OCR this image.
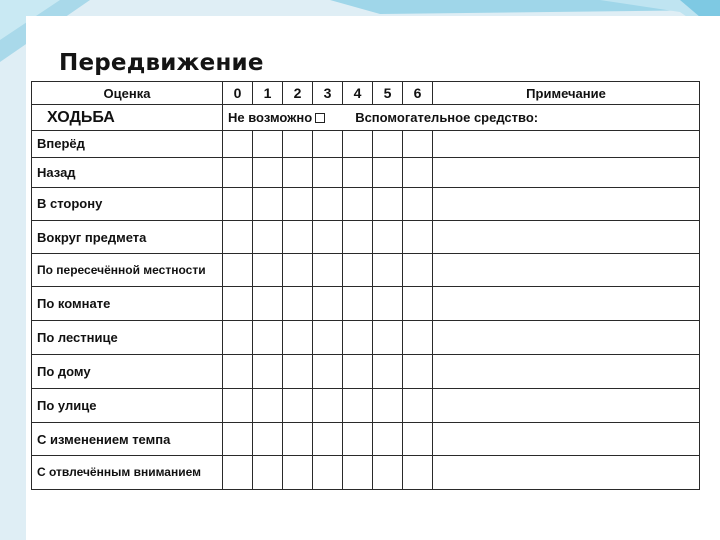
Передвижение
Оценка	0	1	2	3	4	5	6	Примечание
ХОДЬБА	Не возможно Вспомогательное средство:							
Вперёд								
Назад								
В сторону								
Вокруг предмета								
По пересечённой местности								
По комнате								
По лестнице								
По дому								
По улице								
С изменением темпа								
С отвлечённым вниманием								
